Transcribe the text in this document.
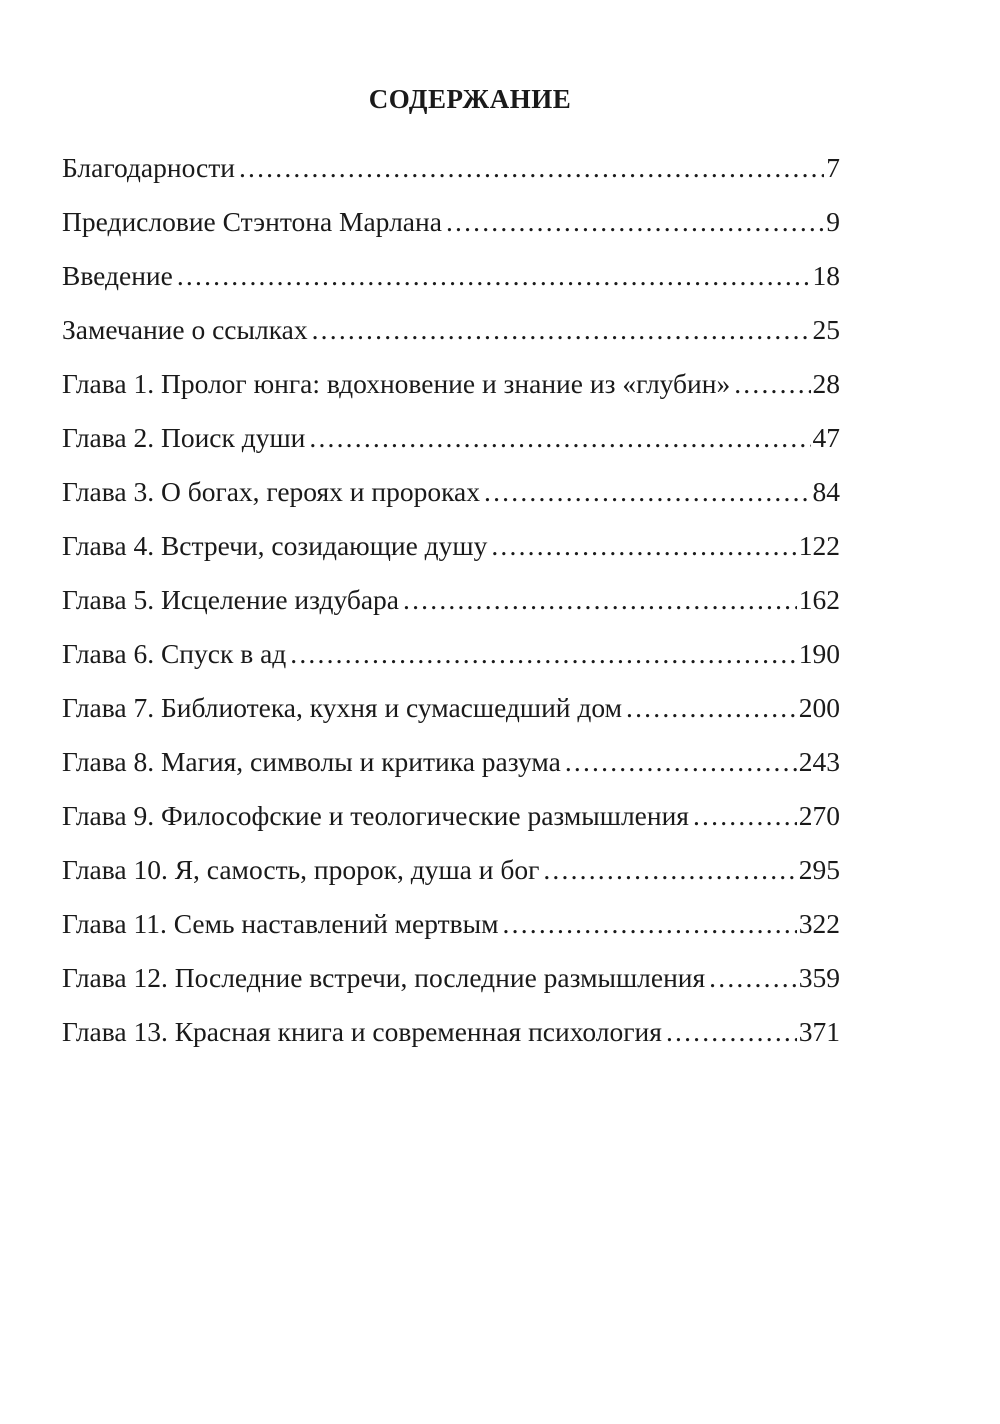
СОДЕРЖАНИЕ
Благодарности .....	7
Предисловие Стэнтона Марлана .....	9
Введение .....	18
Замечание о ссылках .....	25
Глава 1. Пролог юнга: вдохновение и знание из «глубин» .....	28
Глава 2. Поиск души .....	47
Глава 3. О богах, героях и пророках .....	84
Глава 4. Встречи, созидающие душу .....	122
Глава 5. Исцеление издубара .....	162
Глава 6. Спуск в ад .....	190
Глава 7. Библиотека, кухня и сумасшедший дом .....	200
Глава 8. Магия, символы и критика разума .....	243
Глава 9. Философские и теологические размышления .....	270
Глава 10. Я, самость, пророк, душа и бог .....	295
Глава 11. Семь наставлений мертвым .....	322
Глава 12. Последние встречи, последние размышления .....	359
Глава 13. Красная книга и современная психология .....	371
